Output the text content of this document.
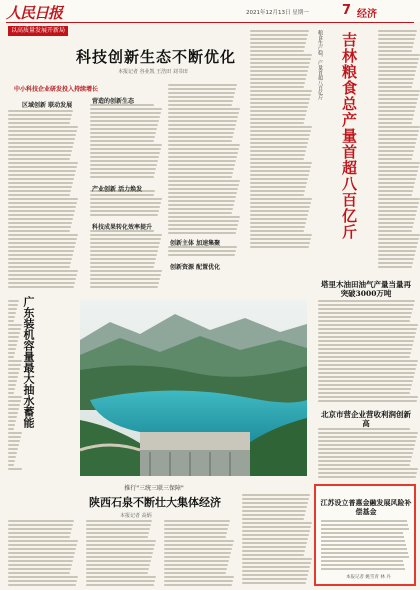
人民日报	2021年12月13日 星期一	7 经济
以高质量发展开新局
科技创新生态不断优化
本报记者 谷业凯 王浩田 刘书田
中小科技企业研发投入持续增长
区域创新 联动发展
营造的创新生态
产业创新 活力焕发
创新主体 加速集聚
创新资源 配置优化
科技成果转化效率提升
粮食生产稳，产量首超八百亿斤 吉林粮食总产量首超八百亿斤
广东装机容量最大抽水蓄能
塔里木油田油气产量当量再突破3000万吨
北京市营企业营收利润创新高
推行"三统三联三保障"
陕西石泉不断壮大集体经济
本报记者 高炳
江苏设立普惠金融发展风险补偿基金
本报记者 姚雪青 林 丹
